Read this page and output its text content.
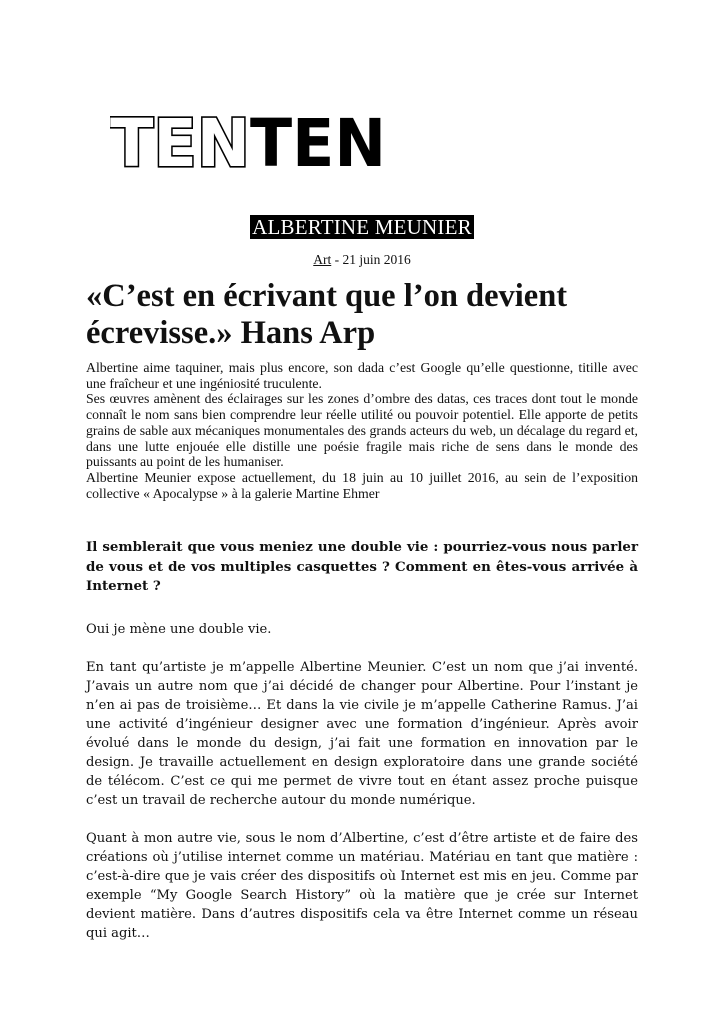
TEN TEN
ALBERTINE MEUNIER
Art - 21 juin 2016
«C’est en écrivant que l’on devient écrevisse.» Hans Arp

Albertine aime taquiner, mais plus encore, son dada c’est Google qu’elle questionne, titille avec une fraîcheur et une ingéniosité truculente.

Ses œuvres amènent des éclairages sur les zones d’ombre des datas, ces traces dont tout le monde connaît le nom sans bien comprendre leur réelle utilité ou pouvoir potentiel. Elle apporte de petits grains de sable aux mécaniques monumentales des grands acteurs du web, un décalage du regard et, dans une lutte enjouée elle distille une poésie fragile mais riche de sens dans le monde des puissants au point de les humaniser.

Albertine Meunier expose actuellement, du 18 juin au 10 juillet 2016, au sein de l’exposition collective « Apocalypse » à la galerie Martine Ehmer

Il semblerait que vous meniez une double vie : pourriez-vous nous parler de vous et de vos multiples casquettes ? Comment en êtes-vous arrivée à Internet ?

Oui je mène une double vie.

En tant qu’artiste je m’appelle Albertine Meunier. C’est un nom que j’ai inventé. J’avais un autre nom que j’ai décidé de changer pour Albertine. Pour l’instant je n’en ai pas de troisième… Et dans la vie civile je m’appelle Catherine Ramus. J’ai une activité d’ingénieur designer avec une formation d’ingénieur. Après avoir évolué dans le monde du design, j’ai fait une formation en innovation par le design. Je travaille actuellement en design exploratoire dans une grande société de télécom. C’est ce qui me permet de vivre tout en étant assez proche puisque c’est un travail de recherche autour du monde numérique.

Quant à mon autre vie, sous le nom d’Albertine, c’est d’être artiste et de faire des créations où j’utilise internet comme un matériau. Matériau en tant que matière : c’est-à-dire que je vais créer des dispositifs où Internet est mis en jeu. Comme par exemple “My Google Search History” où la matière que je crée sur Internet devient matière. Dans d’autres dispositifs cela va être Internet comme un réseau qui agit…
